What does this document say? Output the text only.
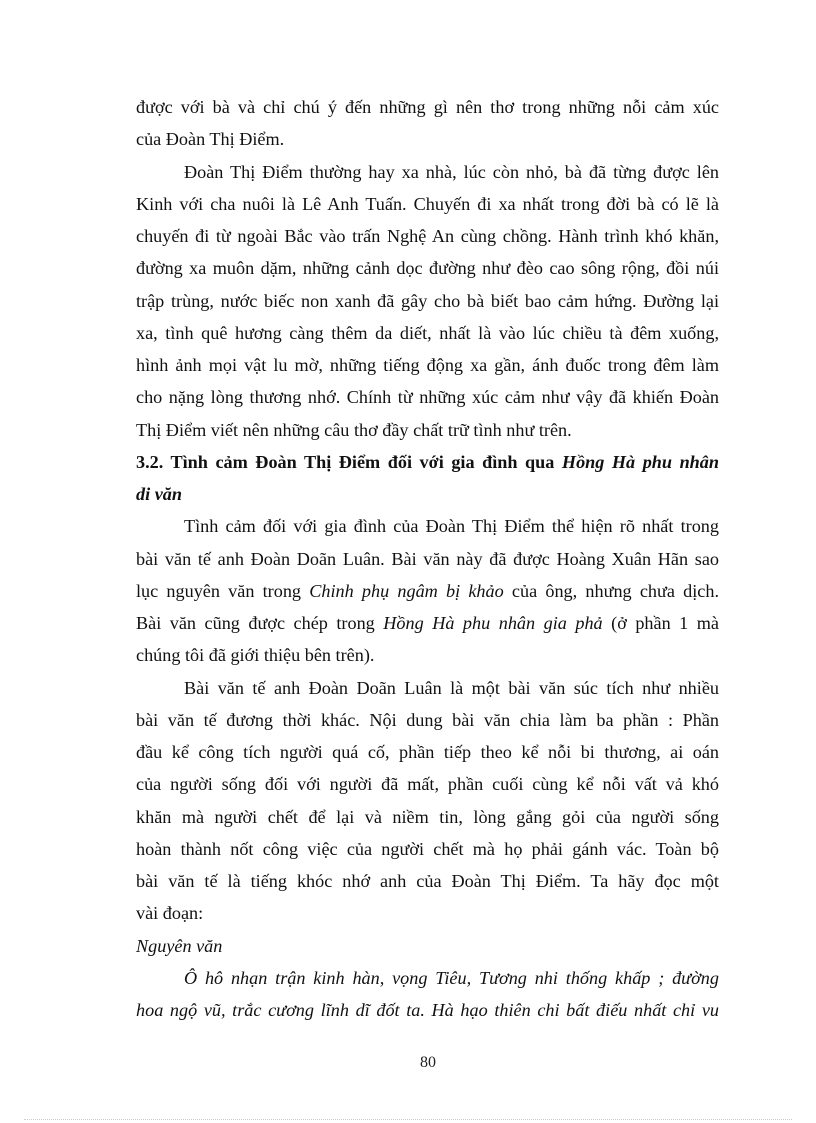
được với bà và chỉ chú ý đến những gì nên thơ trong những nỗi cảm xúc
của Đoàn Thị Điểm.
Đoàn Thị Điểm thường hay xa nhà, lúc còn nhỏ, bà đã từng được lên
Kinh với cha nuôi là Lê Anh Tuấn. Chuyến đi xa nhất trong đời bà có lẽ là
chuyến đi từ ngoài Bắc vào trấn Nghệ An cùng chồng. Hành trình khó khăn,
đường xa muôn dặm, những cảnh dọc đường như đèo cao sông rộng, đồi núi
trập trùng, nước biếc non xanh đã gây cho bà biết bao cảm hứng. Đường lại
xa, tình quê hương càng thêm da diết, nhất là vào lúc chiều tà đêm xuống,
hình ảnh mọi vật lu mờ, những tiếng động xa gần, ánh đuốc trong đêm làm
cho nặng lòng thương nhớ. Chính từ những xúc cảm như vậy đã khiến Đoàn
Thị Điểm viết nên những câu thơ đầy chất trữ tình như trên.
3.2. Tình cảm Đoàn Thị Điểm đối với gia đình qua Hồng Hà phu nhân
di văn
Tình cảm đối với gia đình của Đoàn Thị Điểm thể hiện rõ nhất trong
bài văn tế anh Đoàn Doãn Luân. Bài văn này đã được Hoàng Xuân Hãn sao
lục nguyên văn trong Chinh phụ ngâm bị khảo của ông, nhưng chưa dịch.
Bài văn cũng được chép trong Hồng Hà phu nhân gia phả (ở phần 1 mà
chúng tôi đã giới thiệu bên trên).
Bài văn tế anh Đoàn Doãn Luân là một bài văn súc tích như nhiều
bài văn tế đương thời khác. Nội dung bài văn chia làm ba phần : Phần
đầu kể công tích người quá cố, phần tiếp theo kể nỗi bi thương, ai oán
của người sống đối với người đã mất, phần cuối cùng kể nỗi vất vả khó
khăn mà người chết để lại và niềm tin, lòng gắng gỏi của người sống
hoàn thành nốt công việc của người chết mà họ phải gánh vác. Toàn bộ
bài văn tế là tiếng khóc nhớ anh của Đoàn Thị Điểm. Ta hãy đọc một
vài đoạn:
Nguyên văn
Ô hô nhạn trận kinh hàn, vọng Tiêu, Tương nhi thống khấp ; đường
hoa ngộ vũ, trắc cương lĩnh dĩ đốt ta. Hà hạo thiên chi bất điếu nhất chỉ vu
80
